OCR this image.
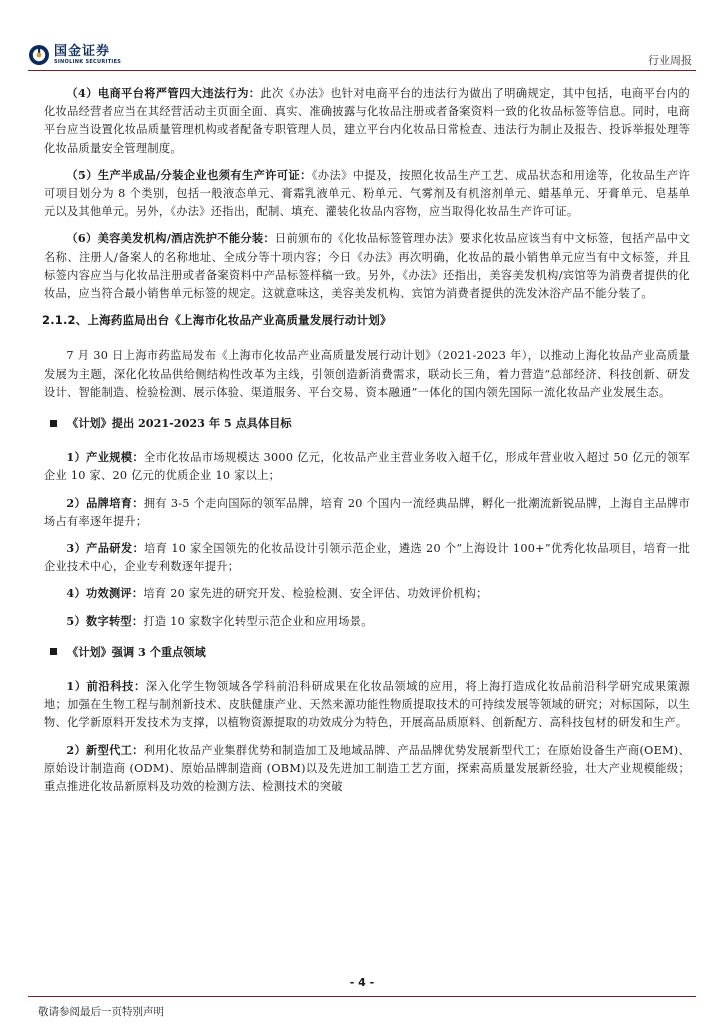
国金证券
SINOLINK SECURITIES	行业周报

（4）电商平台将严管四大违法行为：此次《办法》也针对电商平台的违法行为做出了明确规定，其中包括，电商平台内的化妆品经营者应当在其经营活动主页面全面、真实、准确披露与化妆品注册或者备案资料一致的化妆品标签等信息。同时，电商平台应当设置化妆品质量管理机构或者配备专职管理人员，建立平台内化妆品日常检查、违法行为制止及报告、投诉举报处理等化妆品质量安全管理制度。

（5）生产半成品/分装企业也须有生产许可证：《办法》中提及，按照化妆品生产工艺、成品状态和用途等，化妆品生产许可项目划分为 8 个类别，包括一般液态单元、膏霜乳液单元、粉单元、气雾剂及有机溶剂单元、蜡基单元、牙膏单元、皂基单元以及其他单元。另外，《办法》还指出，配制、填充、灌装化妆品内容物，应当取得化妆品生产许可证。

（6）美容美发机构/酒店洗护不能分装：日前颁布的《化妆品标签管理办法》要求化妆品应该当有中文标签，包括产品中文名称、注册人/备案人的名称地址、全成分等十项内容；今日《办法》再次明确，化妆品的最小销售单元应当有中文标签，并且标签内容应当与化妆品注册或者备案资料中产品标签样稿一致。另外，《办法》还指出，美容美发机构/宾馆等为消费者提供的化妆品，应当符合最小销售单元标签的规定。这就意味这，美容美发机构、宾馆为消费者提供的洗发沐浴产品不能分装了。

2.1.2、上海药监局出台《上海市化妆品产业高质量发展行动计划》

7 月 30 日上海市药监局发布《上海市化妆品产业高质量发展行动计划》（2021-2023 年），以推动上海化妆品产业高质量发展为主题，深化化妆品供给侧结构性改革为主线，引领创造新消费需求，联动长三角，着力营造“总部经济、科技创新、研发设计、智能制造、检验检测、展示体验、渠道服务、平台交易、资本融通”一体化的国内领先国际一流化妆品产业发展生态。

《计划》提出 2021-2023 年 5 点具体目标

1）产业规模：全市化妆品市场规模达 3000 亿元，化妆品产业主营业务收入超千亿，形成年营业收入超过 50 亿元的领军企业 10 家、20 亿元的优质企业 10 家以上；

2）品牌培育：拥有 3-5 个走向国际的领军品牌，培育 20 个国内一流经典品牌，孵化一批潮流新锐品牌，上海自主品牌市场占有率逐年提升；

3）产品研发：培育 10 家全国领先的化妆品设计引领示范企业，遴选 20 个“上海设计 100+”优秀化妆品项目，培育一批企业技术中心，企业专利数逐年提升；

4）功效测评：培育 20 家先进的研究开发、检验检测、安全评估、功效评价机构；

5）数字转型：打造 10 家数字化转型示范企业和应用场景。

《计划》强调 3 个重点领域

1）前沿科技：深入化学生物领域各学科前沿科研成果在化妆品领域的应用，将上海打造成化妆品前沿科学研究成果策源地；加强在生物工程与制剂新技术、皮肤健康产业、天然来源功能性物质提取技术的可持续发展等领域的研究；对标国际，以生物、化学新原料开发技术为支撑，以植物资源提取的功效成分为特色，开展高品质原料、创新配方、高科技包材的研发和生产。

2）新型代工：利用化妆品产业集群优势和制造加工及地域品牌、产品品牌优势发展新型代工；在原始设备生产商(OEM)、原始设计制造商 (ODM)、原始品牌制造商 (OBM)以及先进加工制造工艺方面，探索高质量发展新经验，壮大产业规模能级；重点推进化妆品新原料及功效的检测方法、检测技术的突破

- 4 -
敬请参阅最后一页特别声明
